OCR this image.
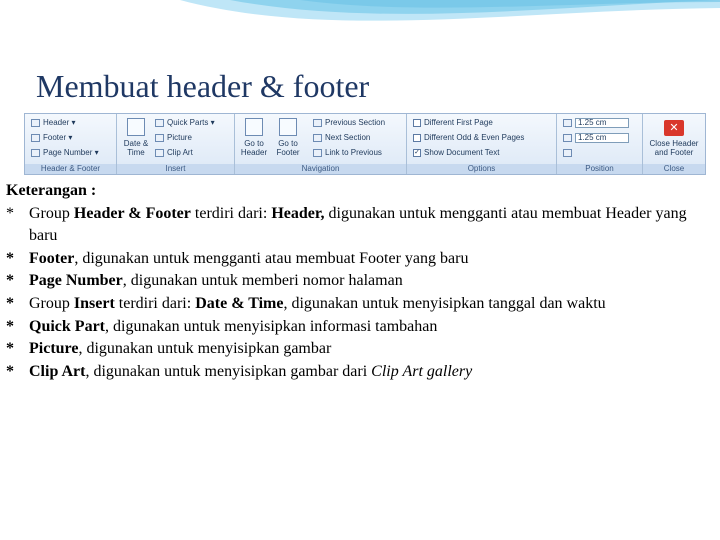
Membuat header & footer
Header ▾
Footer ▾
Page Number ▾
Header & Footer
Date &
Time
Quick Parts ▾
Picture
Clip Art
Insert
Go to
Header
Go to
Footer
Previous Section
Next Section
Link to Previous
Navigation
Different First Page
Different Odd & Even Pages
✓ Show Document Text
Options
1.25 cm
1.25 cm
Position
✕
Close Header
and Footer
Close
Keterangan :
* Group Header & Footer terdiri dari: Header, digunakan untuk mengganti atau membuat Header yang baru
* Footer, digunakan untuk mengganti atau membuat Footer yang baru
* Page Number, digunakan untuk memberi nomor halaman
* Group Insert terdiri dari: Date & Time, digunakan untuk menyisipkan tanggal dan waktu
* Quick Part, digunakan untuk menyisipkan informasi tambahan
* Picture, digunakan untuk menyisipkan gambar
* Clip Art, digunakan untuk menyisipkan gambar dari Clip Art gallery
